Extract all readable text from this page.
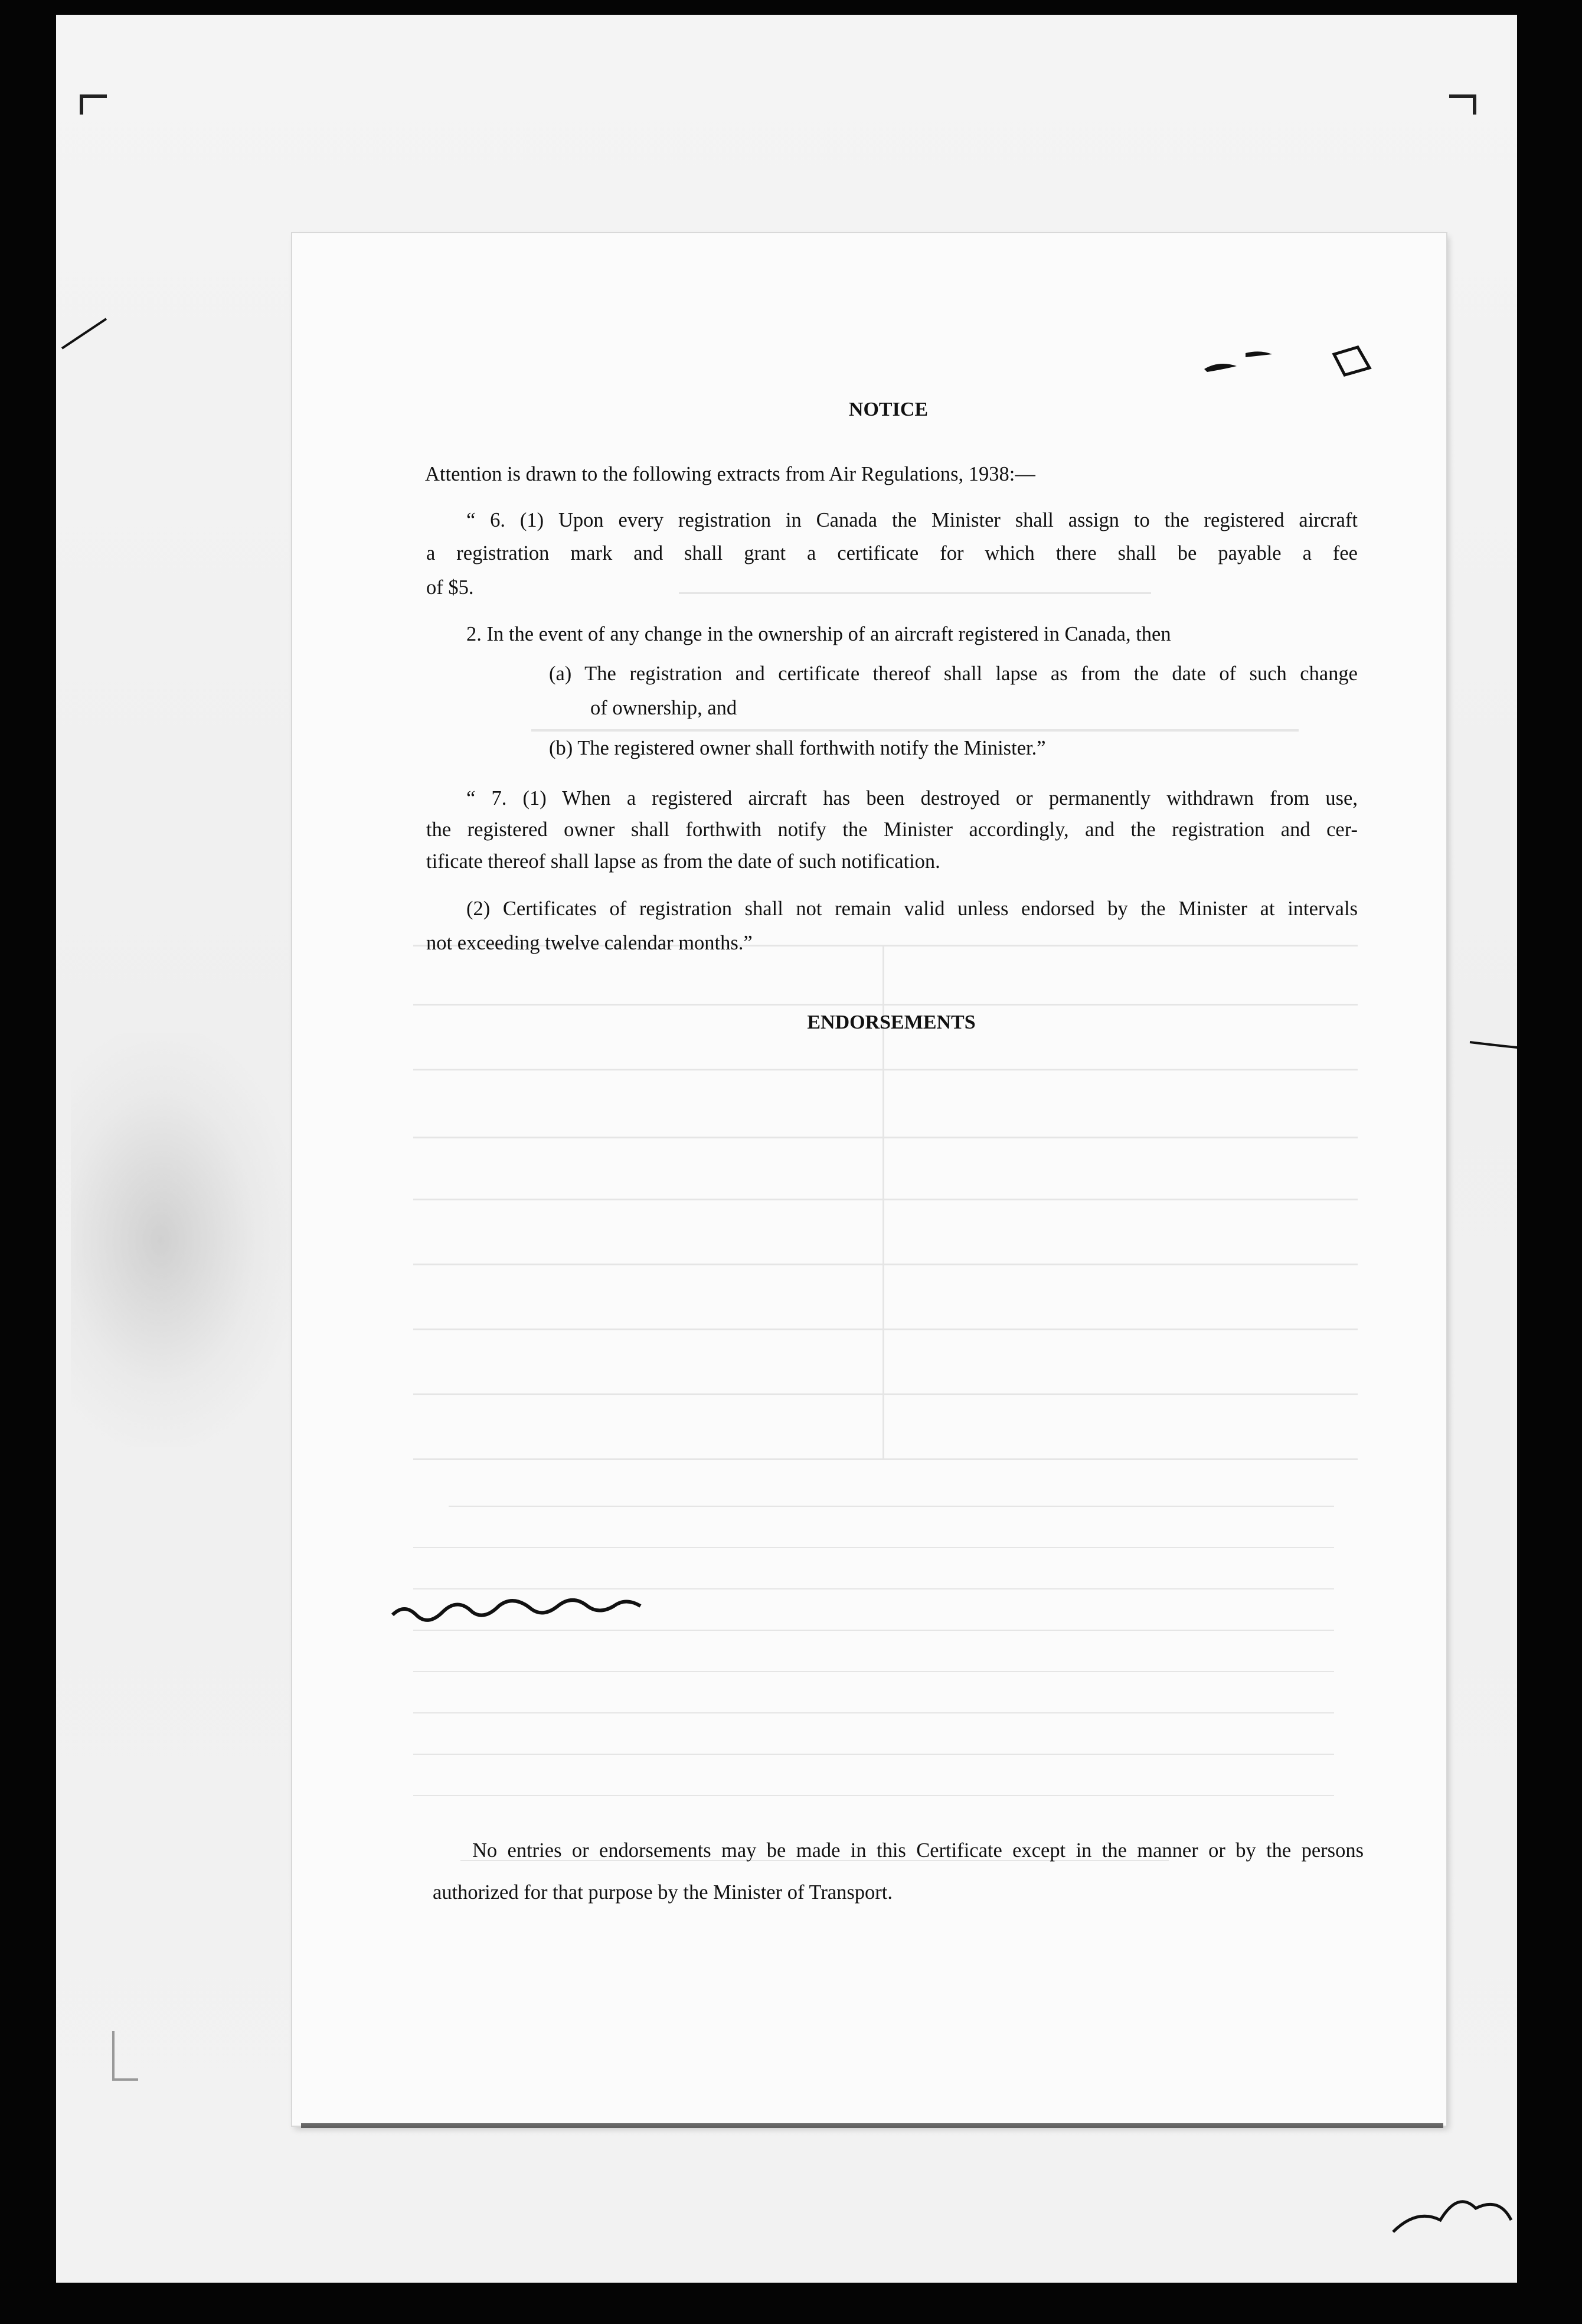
NOTICE
Attention is drawn to the following extracts from Air Regulations, 1938:—
“ 6. (1) Upon every registration in Canada the Minister shall assign to the registered aircraft
a registration mark and shall grant a certificate for which there shall be payable a fee
of $5.
2. In the event of any change in the ownership of an aircraft registered in Canada, then
(a) The registration and certificate thereof shall lapse as from the date of such change
of ownership, and
(b) The registered owner shall forthwith notify the Minister.”
“ 7. (1) When a registered aircraft has been destroyed or permanently withdrawn from use,
the registered owner shall forthwith notify the Minister accordingly, and the registration and cer-
tificate thereof shall lapse as from the date of such notification.
(2) Certificates of registration shall not remain valid unless endorsed by the Minister at intervals
not exceeding twelve calendar months.”
ENDORSEMENTS
No entries or endorsements may be made in this Certificate except in the manner or by the persons
authorized for that purpose by the Minister of Transport.
